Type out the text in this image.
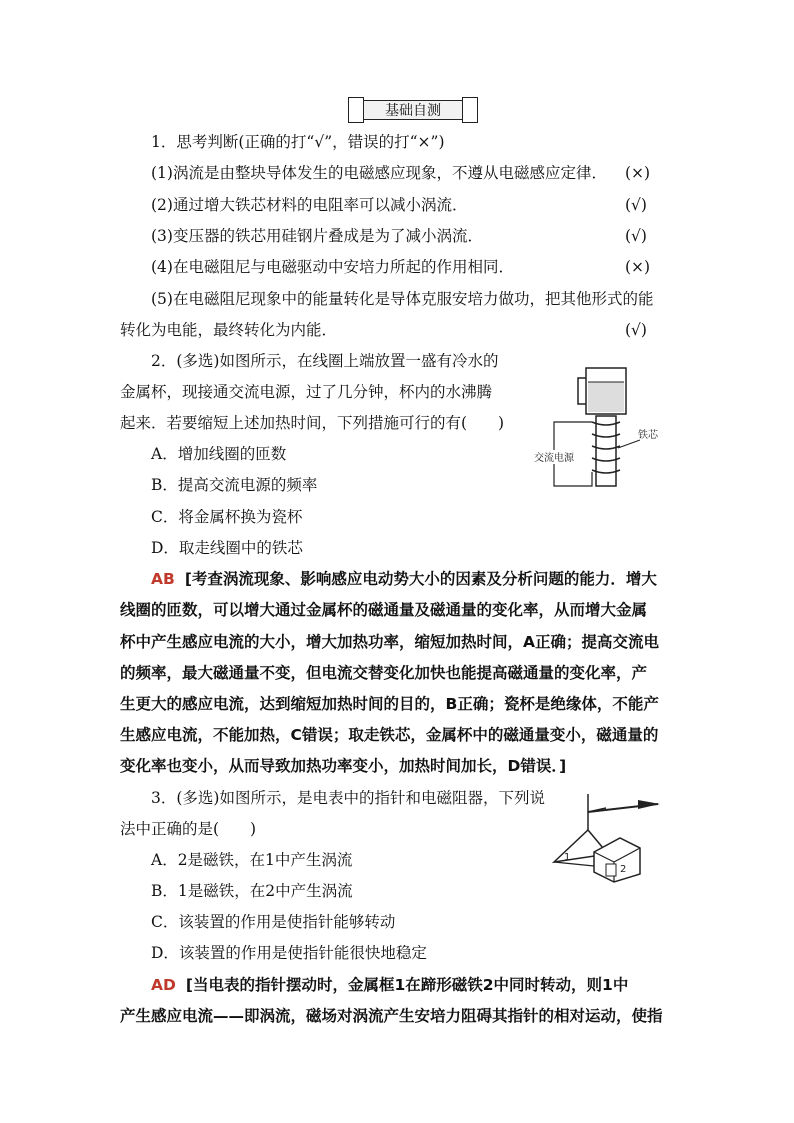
基础自测
1．思考判断(正确的打“√”，错误的打“×”)
(1)涡流是由整块导体发生的电磁感应现象，不遵从电磁感应定律． (×)
(2)通过增大铁芯材料的电阻率可以减小涡流．	(√)
(3)变压器的铁芯用硅钢片叠成是为了减小涡流．	(√)
(4)在电磁阻尼与电磁驱动中安培力所起的作用相同．	(×)
(5)在电磁阻尼现象中的能量转化是导体克服安培力做功，把其他形式的能
转化为电能，最终转化为内能．	(√)
2．(多选)如图所示，在线圈上端放置一盛有冷水的
金属杯，现接通交流电源，过了几分钟，杯内的水沸腾
起来．若要缩短上述加热时间，下列措施可行的有(　　)
A．增加线圈的匝数
B．提高交流电源的频率
C．将金属杯换为瓷杯
D．取走线圈中的铁芯
铁芯
交流电源
AB [考查涡流现象、影响感应电动势大小的因素及分析问题的能力．增大
线圈的匝数，可以增大通过金属杯的磁通量及磁通量的变化率，从而增大金属
杯中产生感应电流的大小，增大加热功率，缩短加热时间，A正确；提高交流电
的频率，最大磁通量不变，但电流交替变化加快也能提高磁通量的变化率，产
生更大的感应电流，达到缩短加热时间的目的，B正确；瓷杯是绝缘体，不能产
生感应电流，不能加热，C错误；取走铁芯，金属杯中的磁通量变小，磁通量的
变化率也变小，从而导致加热功率变小，加热时间加长，D错误．]
3．(多选)如图所示，是电表中的指针和电磁阻器，下列说
法中正确的是(　　)
A．2是磁铁，在1中产生涡流
B．1是磁铁，在2中产生涡流
C．该装置的作用是使指针能够转动
D．该装置的作用是使指针能很快地稳定
1
2
AD [当电表的指针摆动时，金属框1在蹄形磁铁2中同时转动，则1中
产生感应电流——即涡流，磁场对涡流产生安培力阻碍其指针的相对运动，使指
